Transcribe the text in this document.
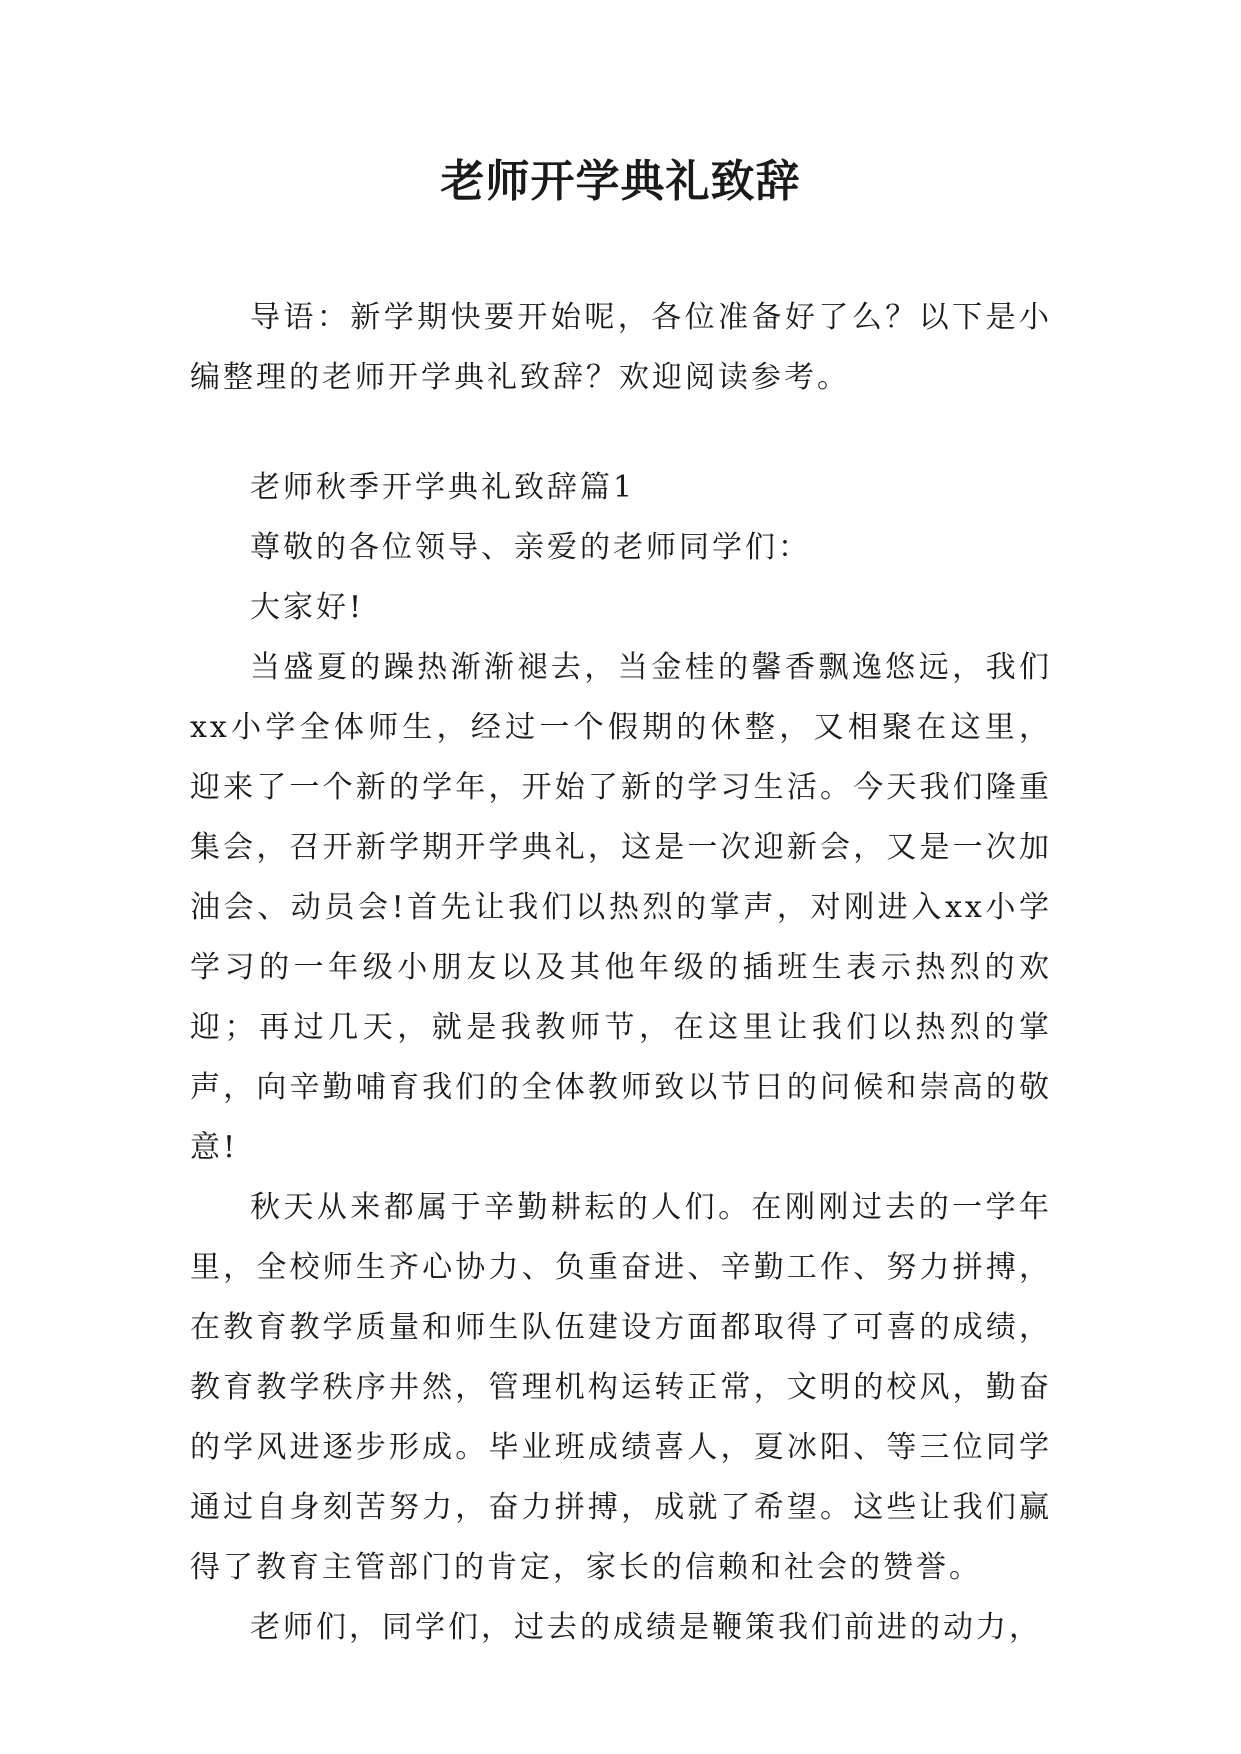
老师开学典礼致辞

导语：新学期快要开始呢，各位准备好了么？以下是小编整理的老师开学典礼致辞？欢迎阅读参考。

老师秋季开学典礼致辞篇1

尊敬的各位领导、亲爱的老师同学们：

大家好!

当盛夏的躁热渐渐褪去，当金桂的馨香飘逸悠远，我们xx小学全体师生，经过一个假期的休整，又相聚在这里，迎来了一个新的学年，开始了新的学习生活。今天我们隆重集会，召开新学期开学典礼，这是一次迎新会，又是一次加油会、动员会!首先让我们以热烈的掌声，对刚进入xx小学学习的一年级小朋友以及其他年级的插班生表示热烈的欢迎；再过几天，就是我教师节，在这里让我们以热烈的掌声，向辛勤哺育我们的全体教师致以节日的问候和崇高的敬意!

秋天从来都属于辛勤耕耘的人们。在刚刚过去的一学年里，全校师生齐心协力、负重奋进、辛勤工作、努力拼搏，在教育教学质量和师生队伍建设方面都取得了可喜的成绩，教育教学秩序井然，管理机构运转正常，文明的校风，勤奋的学风进逐步形成。毕业班成绩喜人，夏冰阳、等三位同学通过自身刻苦努力，奋力拼搏，成就了希望。这些让我们赢得了教育主管部门的肯定，家长的信赖和社会的赞誉。

老师们，同学们，过去的成绩是鞭策我们前进的动力，
